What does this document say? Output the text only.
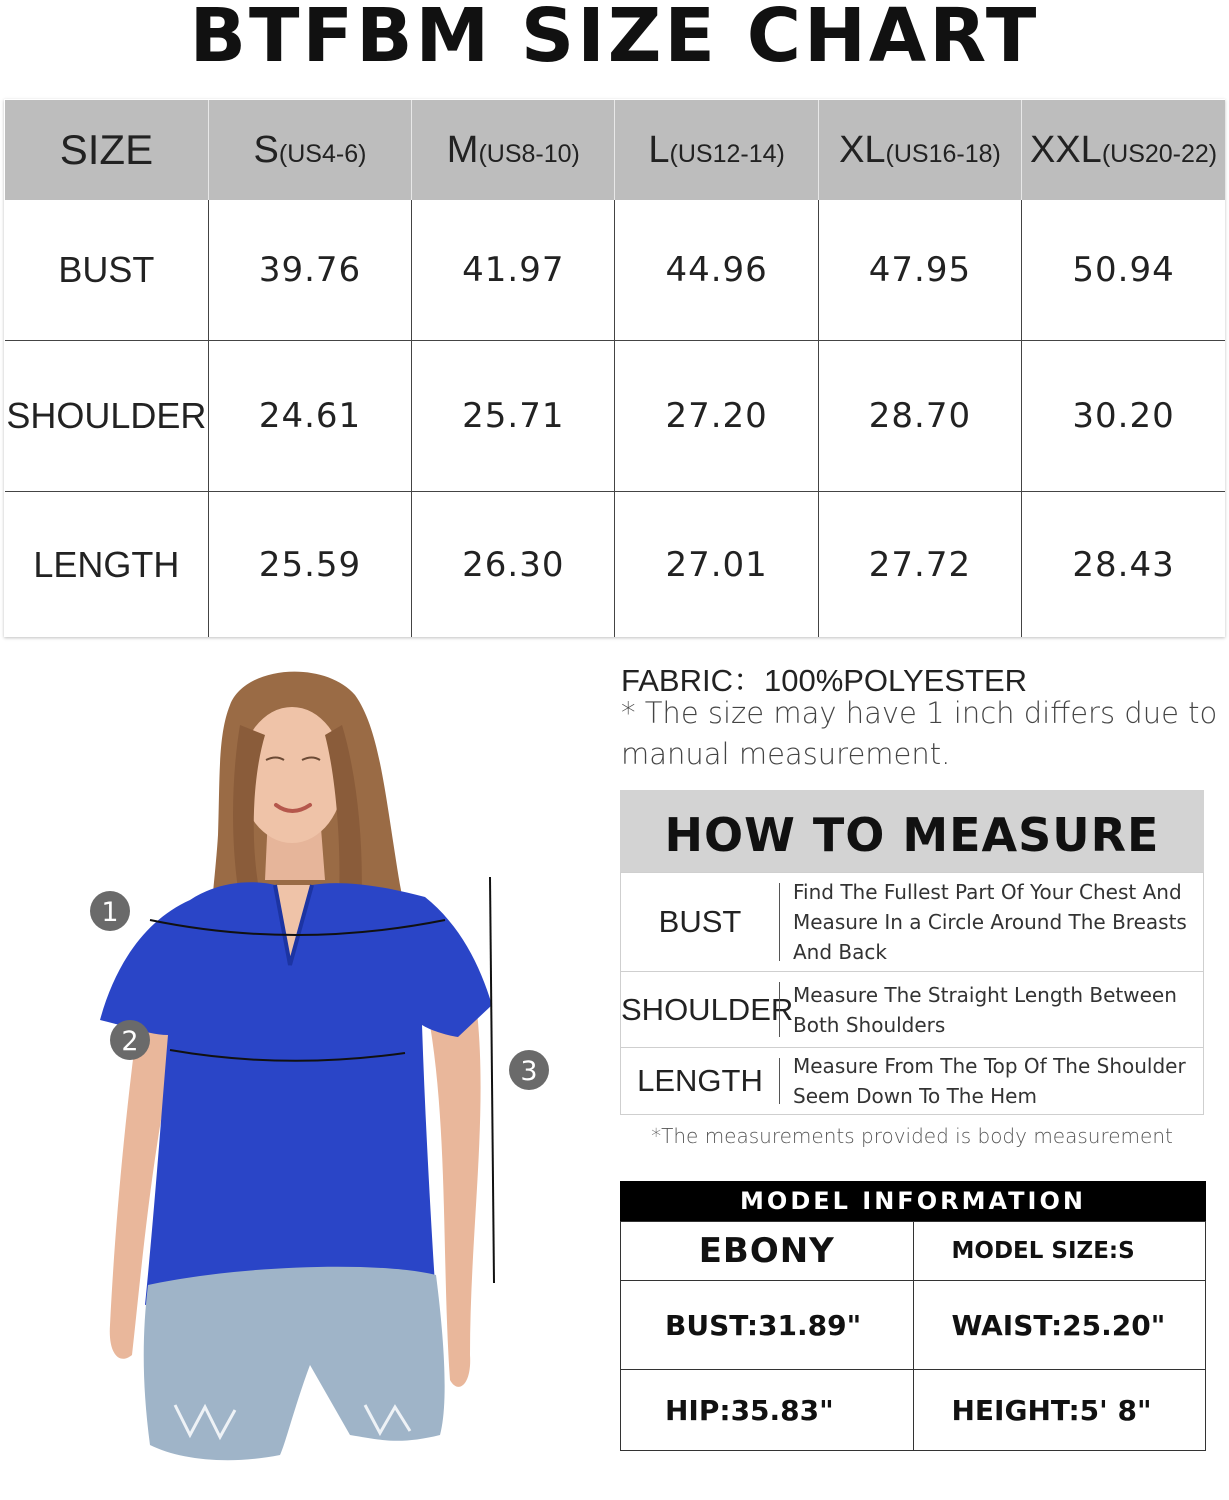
BTFBM SIZE CHART
SIZE	S(US4-6)	M(US8-10)	L(US12-14)	XL(US16-18)	XXL(US20-22)
BUST	39.76	41.97	44.96	47.95	50.94
SHOULDER	24.61	25.71	27.20	28.70	30.20
LENGTH	25.59	26.30	27.01	27.72	28.43
1
2
3
FABRIC：100%POLYESTER
* The size may have 1 inch differs due to manual measurement.
HOW TO MEASURE
BUST	Find The Fullest Part Of Your Chest And Measure In a Circle Around The Breasts And Back
SHOULDER	Measure The Straight Length Between Both Shoulders
LENGTH	Measure From The Top Of The Shoulder Seem Down To The Hem
*The measurements provided is body measurement
MODEL INFORMATION
EBONY	MODEL SIZE:S
BUST:31.89"	WAIST:25.20"
HIP:35.83"	HEIGHT:5' 8"
